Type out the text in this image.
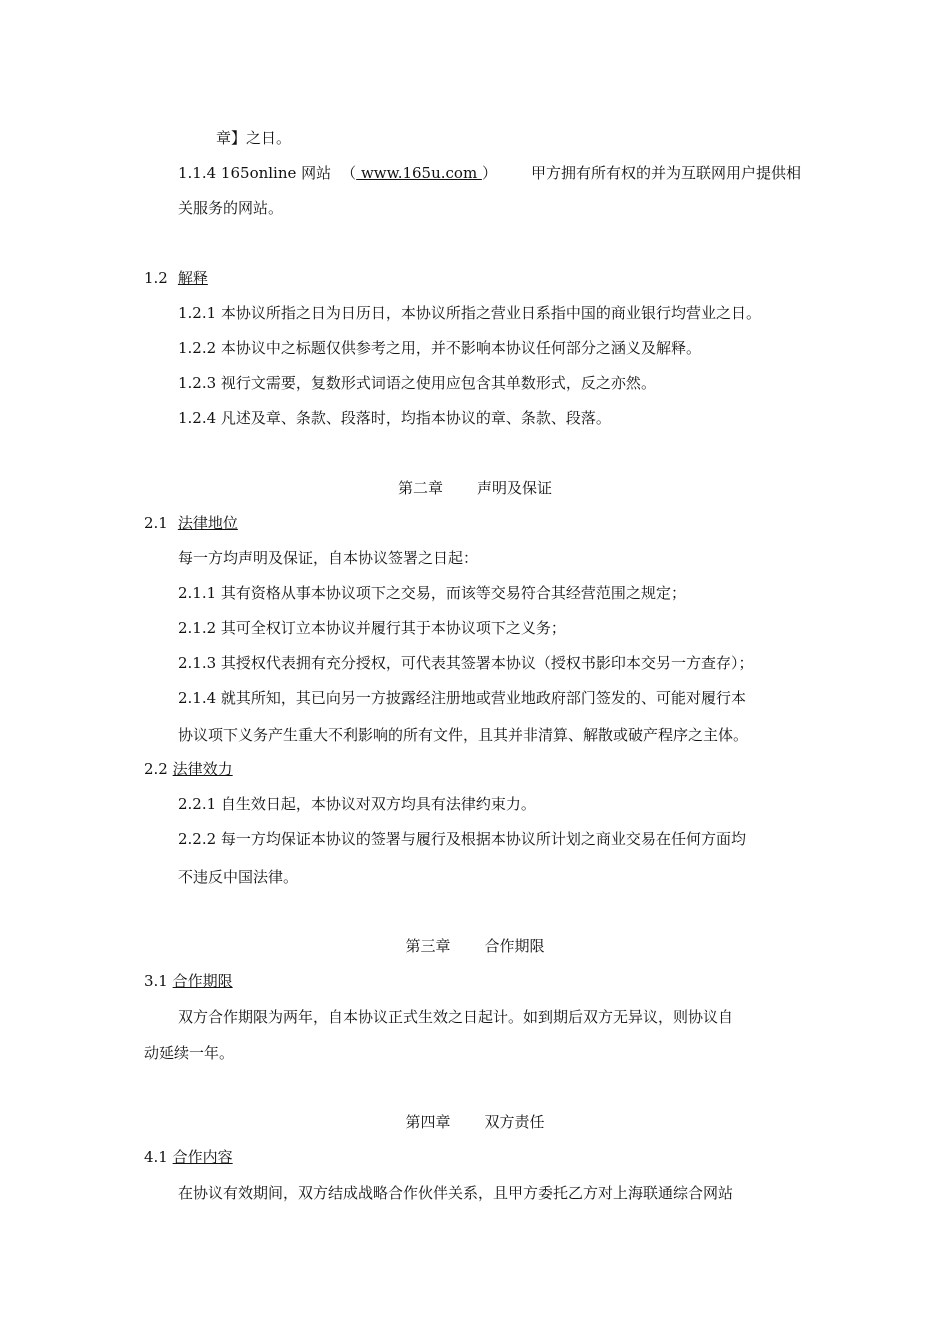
章】之日。
1.1.4 165online 网站 （ www.165u.com ） 甲方拥有所有权的并为互联网用户提供相
关服务的网站。
1.2 解释
1.2.1 本协议所指之日为日历日，本协议所指之营业日系指中国的商业银行均营业之日。
1.2.2 本协议中之标题仅供参考之用，并不影响本协议任何部分之涵义及解释。
1.2.3 视行文需要，复数形式词语之使用应包含其单数形式，反之亦然。
1.2.4 凡述及章、条款、段落时，均指本协议的章、条款、段落。
第二章 声明及保证
2.1 法律地位
每一方均声明及保证，自本协议签署之日起：
2.1.1 其有资格从事本协议项下之交易，而该等交易符合其经营范围之规定；
2.1.2 其可全权订立本协议并履行其于本协议项下之义务；
2.1.3 其授权代表拥有充分授权，可代表其签署本协议（授权书影印本交另一方查存）；
2.1.4 就其所知，其已向另一方披露经注册地或营业地政府部门签发的、可能对履行本
协议项下义务产生重大不利影响的所有文件，且其并非清算、解散或破产程序之主体。
2.2 法律效力
2.2.1 自生效日起，本协议对双方均具有法律约束力。
2.2.2 每一方均保证本协议的签署与履行及根据本协议所计划之商业交易在任何方面均
不违反中国法律。
第三章 合作期限
3.1 合作期限
双方合作期限为两年，自本协议正式生效之日起计。如到期后双方无异议，则协议自
动延续一年。
第四章 双方责任
4.1 合作内容
在协议有效期间，双方结成战略合作伙伴关系，且甲方委托乙方对上海联通综合网站
